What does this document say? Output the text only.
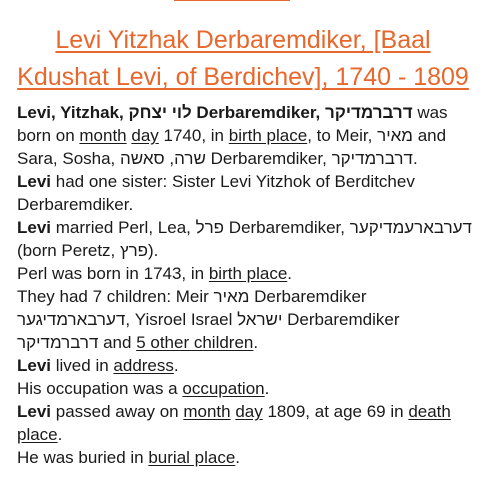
Levi Yitzhak Derbaremdiker, [Baal
Kdushat Levi, of Berdichev], 1740 - 1809

Levi, Yitzhak, לוי יצחק Derbaremdiker, דרברמדיקר was born on month day 1740, in birth place, to Meir, מאיר and Sara, Sosha, שרה, סאשה Derbaremdiker, דרברמדיקר.

Levi had one sister: Sister Levi Yitzhok of Berditchev Derbaremdiker.

Levi married Perl, Lea, פרל Derbaremdiker, דערבארעמדיקער (born Peretz, פרץ).

Perl was born in 1743, in birth place.

They had 7 children: Meir מאיר Derbaremdiker דערבארמדיגער, Yisroel Israel ישראל Derbaremdiker דרברמדיקר and 5 other children.

Levi lived in address.

His occupation was a occupation.

Levi passed away on month day 1809, at age 69 in death place.

He was buried in burial place.
